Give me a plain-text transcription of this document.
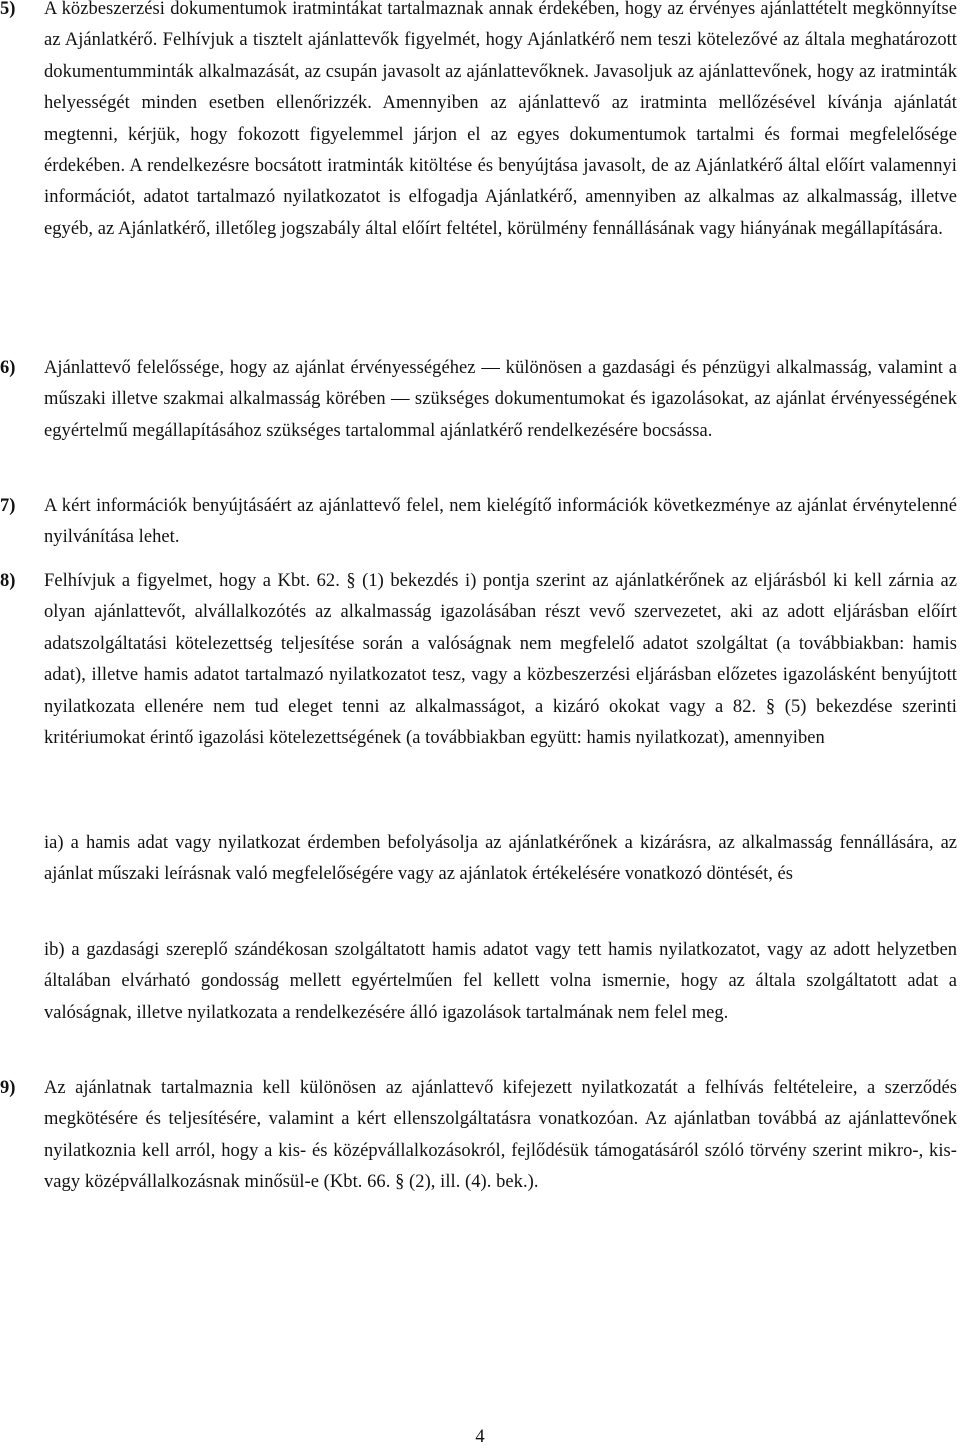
5) A közbeszerzési dokumentumok iratmintákat tartalmaznak annak érdekében, hogy az érvényes ajánlattételt megkönnyítse az Ajánlatkérő. Felhívjuk a tisztelt ajánlattevők figyelmét, hogy Ajánlatkérő nem teszi kötelezővé az általa meghatározott dokumentumminták alkalmazását, az csupán javasolt az ajánlattevőknek. Javasoljuk az ajánlattevőnek, hogy az iratminták helyességét minden esetben ellenőrizzék. Amennyiben az ajánlattevő az iratminta mellőzésével kívánja ajánlatát megtenni, kérjük, hogy fokozott figyelemmel járjon el az egyes dokumentumok tartalmi és formai megfelelősége érdekében. A rendelkezésre bocsátott iratminták kitöltése és benyújtása javasolt, de az Ajánlatkérő által előírt valamennyi információt, adatot tartalmazó nyilatkozatot is elfogadja Ajánlatkérő, amennyiben az alkalmas az alkalmasság, illetve egyéb, az Ajánlatkérő, illetőleg jogszabály által előírt feltétel, körülmény fennállásának vagy hiányának megállapítására.
6) Ajánlattevő felelőssége, hogy az ajánlat érvényességéhez ― különösen a gazdasági és pénzügyi alkalmasság, valamint a műszaki illetve szakmai alkalmasság körében ― szükséges dokumentumokat és igazolásokat, az ajánlat érvényességének egyértelmű megállapításához szükséges tartalommal ajánlatkérő rendelkezésére bocsássa.
7) A kért információk benyújtásáért az ajánlattevő felel, nem kielégítő információk következménye az ajánlat érvénytelenné nyilvánítása lehet.
8) Felhívjuk a figyelmet, hogy a Kbt. 62. § (1) bekezdés i) pontja szerint az ajánlatkérőnek az eljárásból ki kell zárnia az olyan ajánlattevőt, alvállalkozótés az alkalmasság igazolásában részt vevő szervezetet, aki az adott eljárásban előírt adatszolgáltatási kötelezettség teljesítése során a valóságnak nem megfelelő adatot szolgáltat (a továbbiakban: hamis adat), illetve hamis adatot tartalmazó nyilatkozatot tesz, vagy a közbeszerzési eljárásban előzetes igazolásként benyújtott nyilatkozata ellenére nem tud eleget tenni az alkalmasságot, a kizáró okokat vagy a 82. § (5) bekezdése szerinti kritériumokat érintő igazolási kötelezettségének (a továbbiakban együtt: hamis nyilatkozat), amennyiben
ia) a hamis adat vagy nyilatkozat érdemben befolyásolja az ajánlatkérőnek a kizárásra, az alkalmasság fennállására, az ajánlat műszaki leírásnak való megfelelőségére vagy az ajánlatok értékelésére vonatkozó döntését, és
ib) a gazdasági szereplő szándékosan szolgáltatott hamis adatot vagy tett hamis nyilatkozatot, vagy az adott helyzetben általában elvárható gondosság mellett egyértelműen fel kellett volna ismernie, hogy az általa szolgáltatott adat a valóságnak, illetve nyilatkozata a rendelkezésére álló igazolások tartalmának nem felel meg.
9) Az ajánlatnak tartalmaznia kell különösen az ajánlattevő kifejezett nyilatkozatát a felhívás feltételeire, a szerződés megkötésére és teljesítésére, valamint a kért ellenszolgáltatásra vonatkozóan. Az ajánlatban továbbá az ajánlattevőnek nyilatkoznia kell arról, hogy a kis- és középvállalkozásokról, fejlődésük támogatásáról szóló törvény szerint mikro-, kis- vagy középvállalkozásnak minősül-e (Kbt. 66. § (2), ill. (4). bek.).
4
